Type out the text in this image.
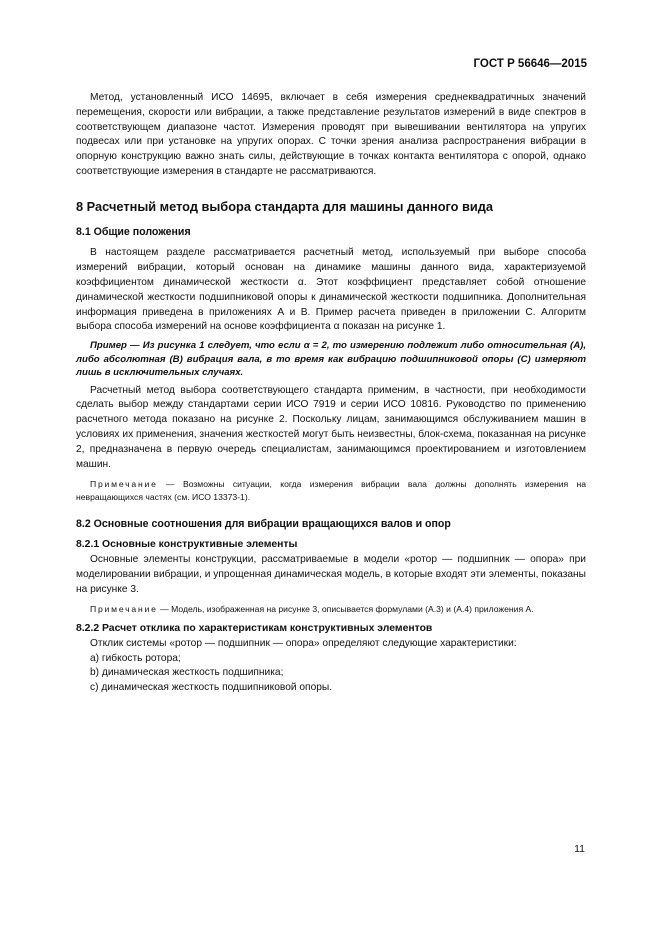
ГОСТ Р 56646—2015

Метод, установленный ИСО 14695, включает в себя измерения среднеквадратичных значений перемещения, скорости или вибрации, а также представление результатов измерений в виде спектров в соответствующем диапазоне частот. Измерения проводят при вывешивании вентилятора на упругих подвесах или при установке на упругих опорах. С точки зрения анализа распространения вибрации в опорную конструкцию важно знать силы, действующие в точках контакта вентилятора с опорой, однако соответствующие измерения в стандарте не рассматриваются.

8 Расчетный метод выбора стандарта для машины данного вида
8.1 Общие положения

В настоящем разделе рассматривается расчетный метод, используемый при выборе способа измерений вибрации, который основан на динамике машины данного вида, характеризуемой коэффициентом динамической жесткости α. Этот коэффициент представляет собой отношение динамической жесткости подшипниковой опоры к динамической жесткости подшипника. Дополнительная информация приведена в приложениях А и В. Пример расчета приведен в приложении С. Алгоритм выбора способа измерений на основе коэффициента α показан на рисунке 1.

Пример — Из рисунка 1 следует, что если α = 2, то измерению подлежит либо относительная (A), либо абсолютная (B) вибрация вала, в то время как вибрацию подшипниковой опоры (C) измеряют лишь в исключительных случаях.

Расчетный метод выбора соответствующего стандарта применим, в частности, при необходимости сделать выбор между стандартами серии ИСО 7919 и серии ИСО 10816. Руководство по применению расчетного метода показано на рисунке 2. Поскольку лицам, занимающимся обслуживанием машин в условиях их применения, значения жесткостей могут быть неизвестны, блок-схема, показанная на рисунке 2, предназначена в первую очередь специалистам, занимающимся проектированием и изготовлением машин.

Примечание — Возможны ситуации, когда измерения вибрации вала должны дополнять измерения на невращающихся частях (см. ИСО 13373-1).

8.2 Основные соотношения для вибрации вращающихся валов и опор
8.2.1 Основные конструктивные элементы

Основные элементы конструкции, рассматриваемые в модели «ротор — подшипник — опора» при моделировании вибрации, и упрощенная динамическая модель, в которые входят эти элементы, показаны на рисунке 3.

Примечание — Модель, изображенная на рисунке 3, описывается формулами (А.3) и (А.4) приложения А.

8.2.2 Расчет отклика по характеристикам конструктивных элементов

Отклик системы «ротор — подшипник — опора» определяют следующие характеристики:

а) гибкость ротора;

b) динамическая жесткость подшипника;

с) динамическая жесткость подшипниковой опоры.

11
